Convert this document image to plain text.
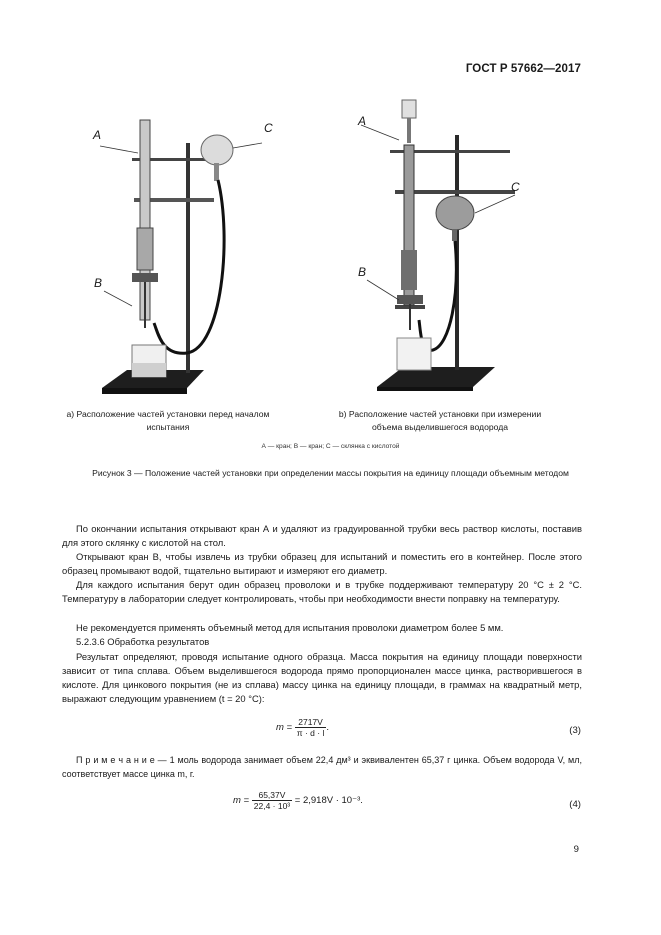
ГОСТ Р 57662—2017
A	C
B
A
C
B
а) Расположение частей установки перед началом испытания
b) Расположение частей установки при измерении объема выделившегося водорода
А — кран; В — кран; С — склянка с кислотой
Рисунок 3 — Положение частей установки при определении массы покрытия на единицу площади объемным методом
По окончании испытания открывают кран А и удаляют из градуированной трубки весь раствор кислоты, поставив для этого склянку с кислотой на стол.
Открывают кран В, чтобы извлечь из трубки образец для испытаний и поместить его в контейнер. После этого образец промывают водой, тщательно вытирают и измеряют его диаметр.
Для каждого испытания берут один образец проволоки и в трубке поддерживают температуру 20 °С ± 2 °С. Температуру в лаборатории следует контролировать, чтобы при необходимости внести поправку на температуру.
Не рекомендуется применять объемный метод для испытания проволоки диаметром более 5 мм.
5.2.3.6 Обработка результатов
Результат определяют, проводя испытание одного образца. Масса покрытия на единицу площади поверхности зависит от типа сплава. Объем выделившегося водорода прямо пропорционален массе цинка, растворившегося в кислоте. Для цинкового покрытия (не из сплава) массу цинка на единицу площади, в граммах на квадратный метр, выражают следующим уравнением (t = 20 °С):
$m = \frac{2717V}{\pi \cdot d \cdot l}$ .	(3)
П р и м е ч а н и е — 1 моль водорода занимает объем 22,4 дм³ и эквивалентен 65,37 г цинка. Объем водорода V, мл, соответствует массе цинка m, г.
$m = \frac{65,37V}{\text{22,4 · 10³}} = 2,918V \cdot 10^{-3}$.	(4)
9
